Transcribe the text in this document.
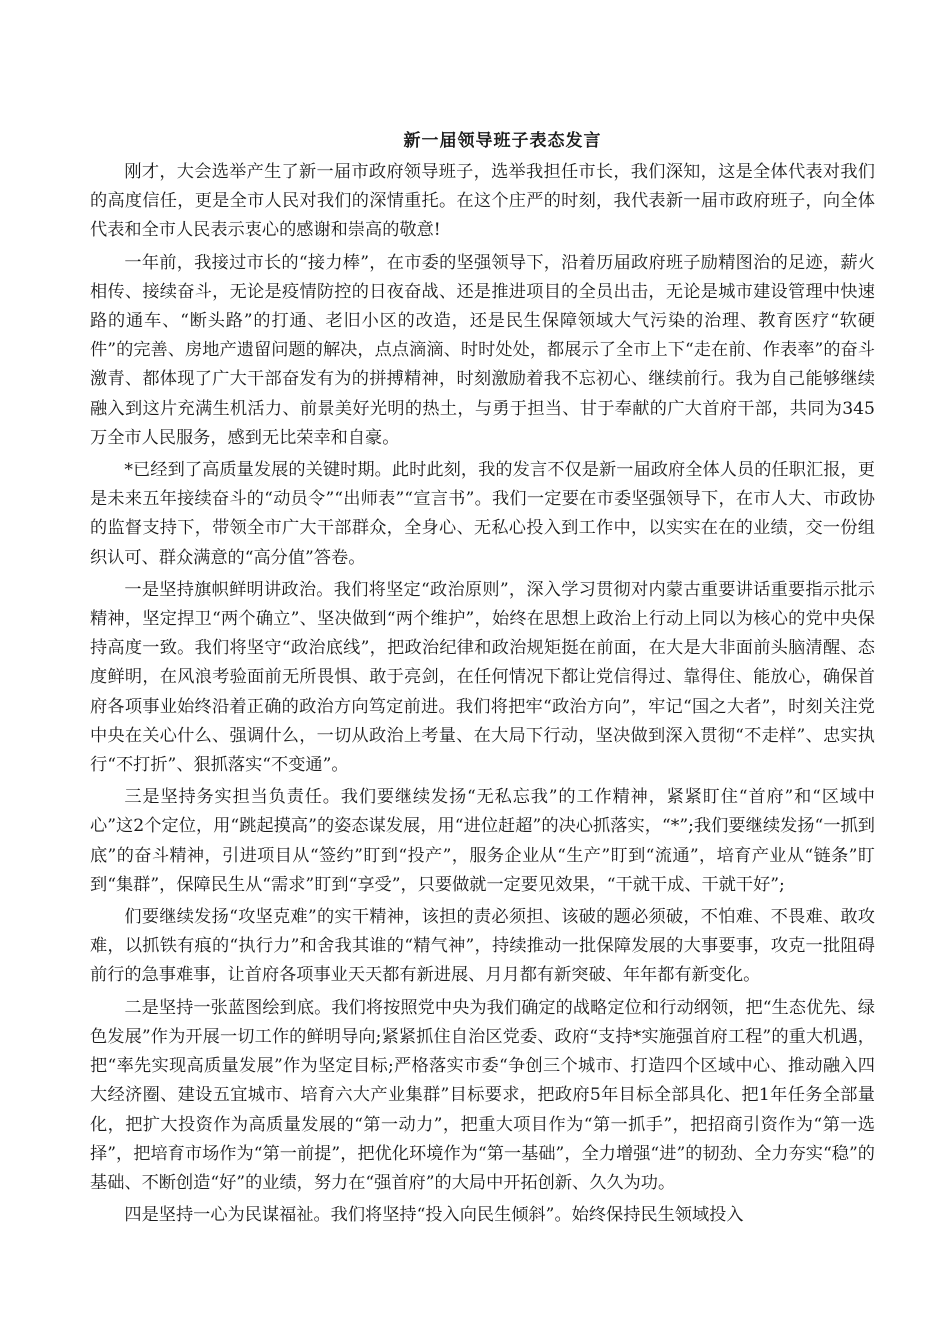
新一届领导班子表态发言

刚才，大会选举产生了新一届市政府领导班子，选举我担任市长，我们深知，这是全体代表对我们的高度信任，更是全市人民对我们的深情重托。在这个庄严的时刻，我代表新一届市政府班子，向全体代表和全市人民表示衷心的感谢和崇高的敬意!

一年前，我接过市长的“接力棒”，在市委的坚强领导下，沿着历届政府班子励精图治的足迹，薪火相传、接续奋斗，无论是疫情防控的日夜奋战、还是推进项目的全员出击，无论是城市建设管理中快速路的通车、“断头路”的打通、老旧小区的改造，还是民生保障领域大气污染的治理、教育医疗“软硬件”的完善、房地产遗留问题的解决，点点滴滴、时时处处，都展示了全市上下“走在前、作表率”的奋斗激青、都体现了广大干部奋发有为的拼搏精神，时刻激励着我不忘初心、继续前行。我为自己能够继续融入到这片充满生机活力、前景美好光明的热土，与勇于担当、甘于奉献的广大首府干部，共同为345万全市人民服务，感到无比荣幸和自豪。

*已经到了高质量发展的关键时期。此时此刻，我的发言不仅是新一届政府全体人员的任职汇报，更是未来五年接续奋斗的“动员令”“出师表”“宣言书”。我们一定要在市委坚强领导下，在市人大、市政协的监督支持下，带领全市广大干部群众，全身心、无私心投入到工作中，以实实在在的业绩，交一份组织认可、群众满意的“高分值”答卷。

一是坚持旗帜鲜明讲政治。我们将坚定“政治原则”，深入学习贯彻对内蒙古重要讲话重要指示批示精神，坚定捍卫“两个确立”、坚决做到“两个维护”，始终在思想上政治上行动上同以为核心的党中央保持高度一致。我们将坚守“政治底线”，把政治纪律和政治规矩挺在前面，在大是大非面前头脑清醒、态度鲜明，在风浪考验面前无所畏惧、敢于亮剑，在任何情况下都让党信得过、靠得住、能放心，确保首府各项事业始终沿着正确的政治方向笃定前进。我们将把牢“政治方向”，牢记“国之大者”，时刻关注党中央在关心什么、强调什么，一切从政治上考量、在大局下行动，坚决做到深入贯彻“不走样”、忠实执行“不打折”、狠抓落实“不变通”。

三是坚持务实担当负责任。我们要继续发扬“无私忘我”的工作精神，紧紧盯住“首府”和“区域中心”这2个定位，用“跳起摸高”的姿态谋发展，用“进位赶超”的决心抓落实，“*”;我们要继续发扬“一抓到底”的奋斗精神，引进项目从“签约”盯到“投产”，服务企业从“生产”盯到“流通”，培育产业从“链条”盯到“集群”，保障民生从“需求”盯到“享受”，只要做就一定要见效果，“干就干成、干就干好”;

们要继续发扬“攻坚克难”的实干精神，该担的责必须担、该破的题必须破，不怕难、不畏难、敢攻难，以抓铁有痕的“执行力”和舍我其谁的“精气神”，持续推动一批保障发展的大事要事，攻克一批阻碍前行的急事难事，让首府各项事业天天都有新进展、月月都有新突破、年年都有新变化。

二是坚持一张蓝图绘到底。我们将按照党中央为我们确定的战略定位和行动纲领，把“生态优先、绿色发展”作为开展一切工作的鲜明导向;紧紧抓住自治区党委、政府“支持*实施强首府工程”的重大机遇，把“率先实现高质量发展”作为坚定目标;严格落实市委“争创三个城市、打造四个区域中心、推动融入四大经济圈、建设五宜城市、培育六大产业集群”目标要求，把政府5年目标全部具化、把1年任务全部量化，把扩大投资作为高质量发展的“第一动力”，把重大项目作为“第一抓手”，把招商引资作为“第一选择”，把培育市场作为“第一前提”，把优化环境作为“第一基础”，全力增强“进”的韧劲、全力夯实“稳”的基础、不断创造“好”的业绩，努力在“强首府”的大局中开拓创新、久久为功。

四是坚持一心为民谋福祉。我们将坚持“投入向民生倾斜”。始终保持民生领域投入
